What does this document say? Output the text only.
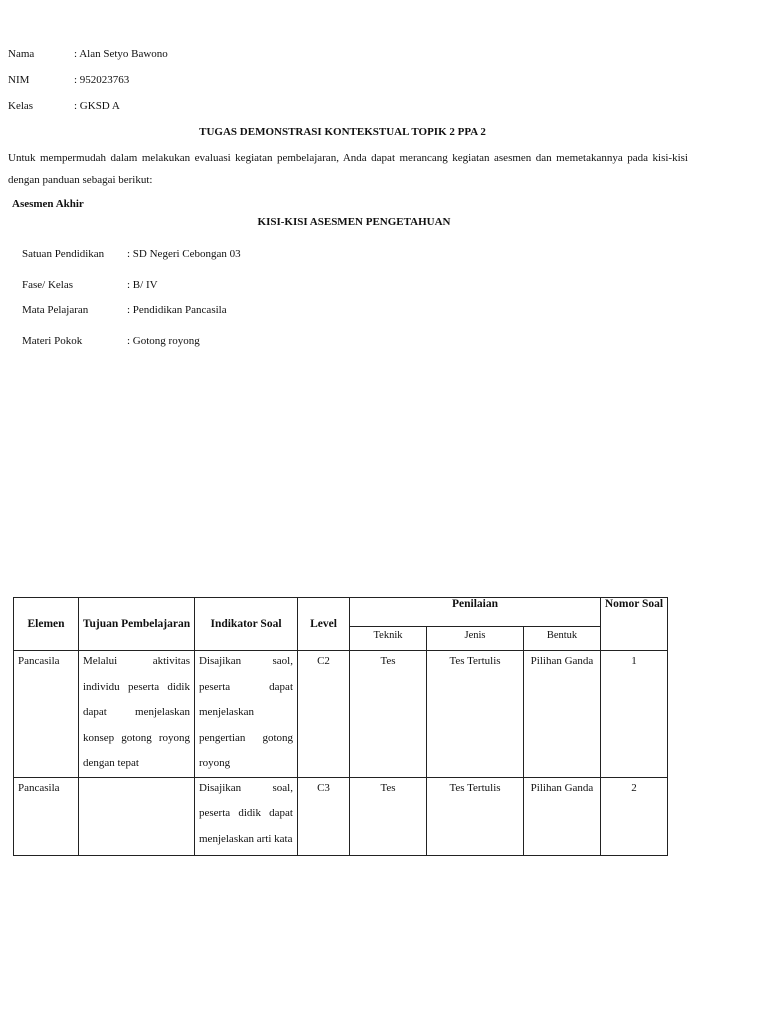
Nama	: Alan Setyo Bawono
NIM	: 952023763
Kelas	: GKSD A
TUGAS DEMONSTRASI KONTEKSTUAL TOPIK 2 PPA 2
Untuk mempermudah dalam melakukan evaluasi kegiatan pembelajaran, Anda dapat merancang kegiatan asesmen dan memetakannya pada kisi-kisi
dengan panduan sebagai berikut:
Asesmen Akhir
KISI-KISI ASESMEN PENGETAHUAN
Satuan Pendidikan : SD Negeri Cebongan 03
Fase/ Kelas	: B/ IV
Mata Pelajaran	: Pendidikan Pancasila
Materi Pokok	: Gotong royong
Elemen	Tujuan Pembelajaran	Indikator Soal	Level	Penilaian			Nomor Soal

				Teknik	Jenis	Bentuk	

Pancasila	Melalui aktivitas
individu peserta didik
dapat menjelaskan
konsep gotong royong
dengan tepat	Disajikan saol,
peserta dapat
menjelaskan
pengertian gotong
royong	C2	Tes	Tes Tertulis	Pilihan Ganda	1

Pancasila		Disajikan soal,
peserta didik dapat
menjelaskan arti kata	C3	Tes	Tes Tertulis	Pilihan Ganda	2
